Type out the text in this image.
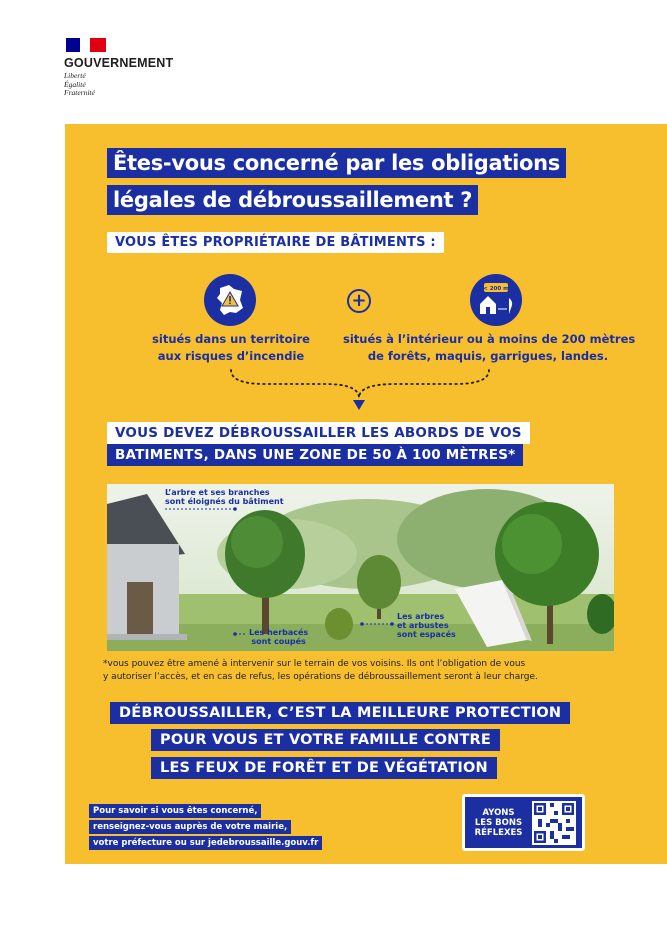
GOUVERNEMENT
Liberté
Égalité
Fraternité
Êtes-vous concerné par les obligations
légales de débroussaillement ?
VOUS ÊTES PROPRIÉTAIRE DE BÂTIMENTS :
+
< 200 m
situés dans un territoire
aux risques d’incendie
situés à l’intérieur ou à moins de 200 mètres
de forêts, maquis, garrigues, landes.
VOUS DEVEZ DÉBROUSSAILLER LES ABORDS DE VOS
BATIMENTS, DANS UNE ZONE DE 50 À 100 MÈTRES*
L’arbre et ses branches
sont éloignés du bâtiment
Les herbacés
sont coupés
Les arbres
et arbustes
sont espacés
*vous pouvez être amené à intervenir sur le terrain de vos voisins. Ils ont l’obligation de vous
y autoriser l’accès, et en cas de refus, les opérations de débroussaillement seront à leur charge.
DÉBROUSSAILLER, C’EST LA MEILLEURE PROTECTION
POUR VOUS ET VOTRE FAMILLE CONTRE
LES FEUX DE FORÊT ET DE VÉGÉTATION
Pour savoir si vous êtes concerné,
renseignez-vous auprès de votre mairie,
votre préfecture ou sur jedebroussaille.gouv.fr
AYONS
LES BONS
RÉFLEXES
